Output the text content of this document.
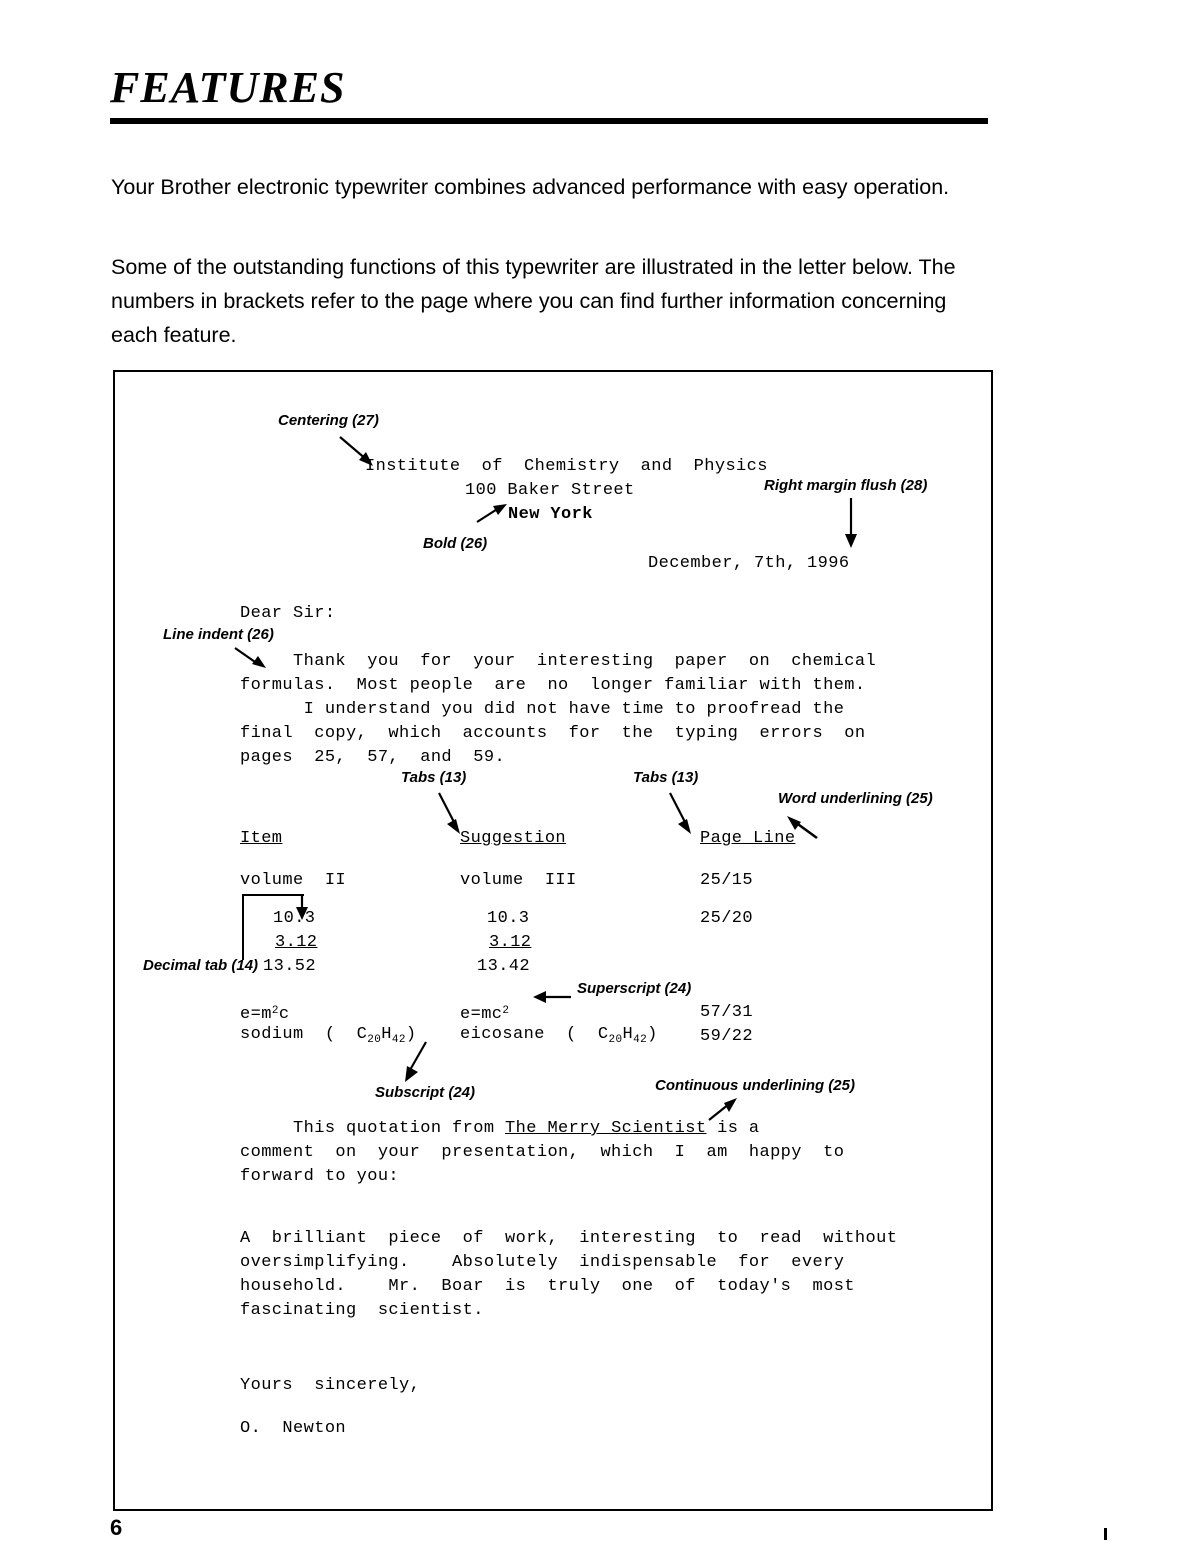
FEATURES
Your Brother electronic typewriter combines advanced performance with easy operation.
Some of the outstanding functions of this typewriter are illustrated in the letter below. The numbers in brackets refer to the page where you can find further information concerning each feature.
Centering (27)
Institute  of  Chemistry  and  Physics
100 Baker Street
New York
Bold (26)
Right margin flush (28)
December, 7th, 1996
Dear Sir:
Line indent (26)
Thank  you  for  your  interesting  paper  on  chemical
formulas.  Most people  are  no  longer familiar with them.
I understand you did not have time to proofread the
final  copy,  which  accounts  for  the  typing  errors  on
pages  25,  57,  and  59.
Tabs (13)	Tabs (13)
Word underlining (25)
Item	Suggestion	Page Line
volume  II	volume  III	25/15
Decimal tab (14)
10.3	10.3	25/20
3.12	3.12
13.52	13.42
$e=m^2c$	$e=mc^2$	57/31
Superscript (24)
sodium  (  $C_{20}H_{42}$)	eicosane  (  $C_{20}H_{42}$) 59/22
Subscript (24)	Continuous underlining (25)
This quotation from The Merry Scientist is a
comment  on  your  presentation,  which  I  am  happy  to
forward to you:
A  brilliant  piece  of  work,  interesting  to  read  without
oversimplifying.    Absolutely  indispensable  for  every
household.    Mr.  Boar  is  truly  one  of  today's  most
fascinating  scientist.
Yours  sincerely,
O.  Newton
6
